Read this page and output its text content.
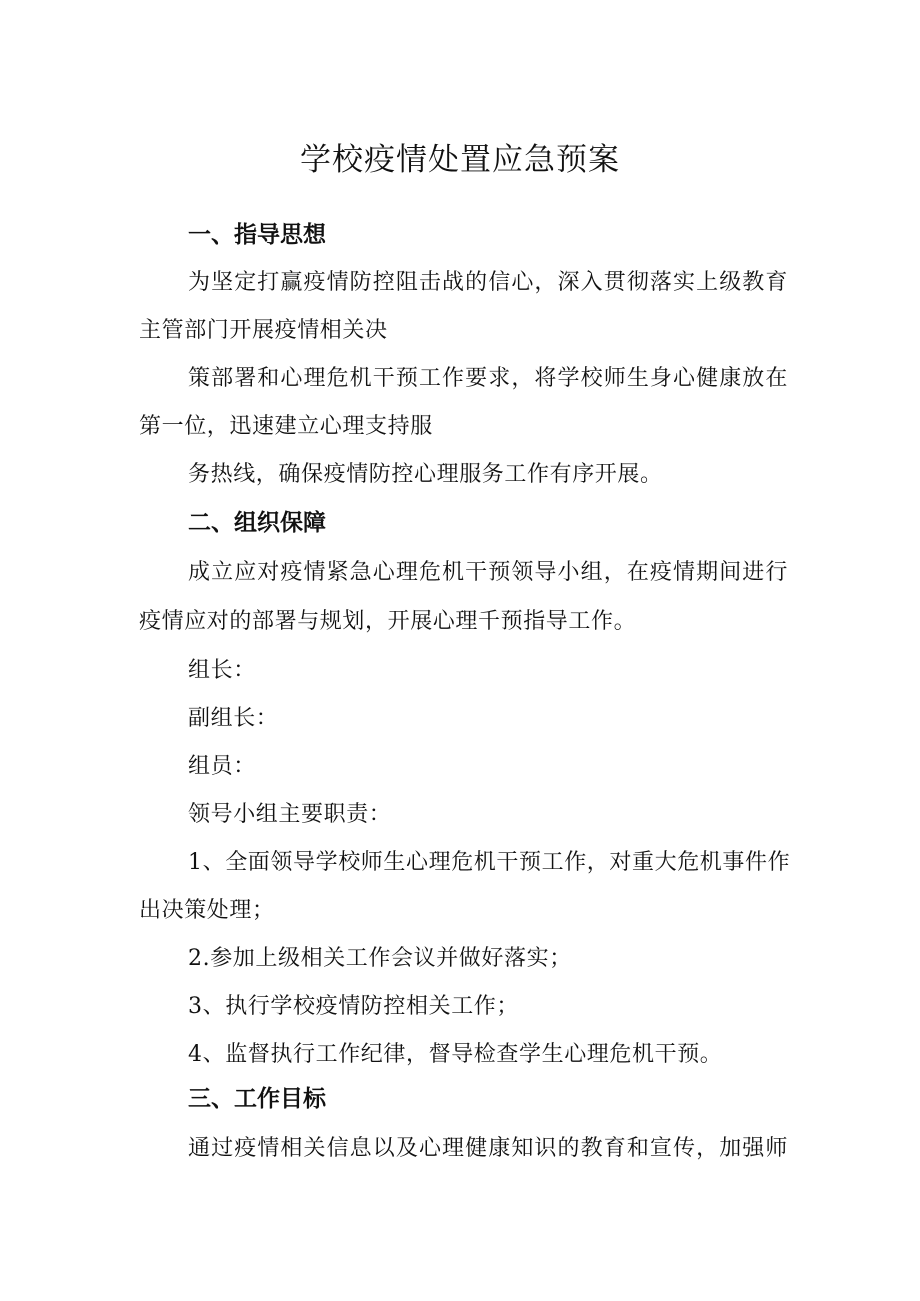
学校疫情处置应急预案
一、指导思想
为坚定打赢疫情防控阻击战的信心，深入贯彻落实上级教育
主管部门开展疫情相关决
策部署和心理危机干预工作要求，将学校师生身心健康放在
第一位，迅速建立心理支持服
务热线，确保疫情防控心理服务工作有序开展。
二、组织保障
成立应对疫情紧急心理危机干预领导小组，在疫情期间进行
疫情应对的部署与规划，开展心理千预指导工作。
组长：
副组长：
组员：
领号小组主要职责：
1、全面领导学校师生心理危机干预工作，对重大危机事件作
出决策处理；
2.参加上级相关工作会议并做好落实；
3、执行学校疫情防控相关工作；
4、监督执行工作纪律，督导检查学生心理危机干预。
三、工作目标
通过疫情相关信息以及心理健康知识的教育和宣传，加强师
